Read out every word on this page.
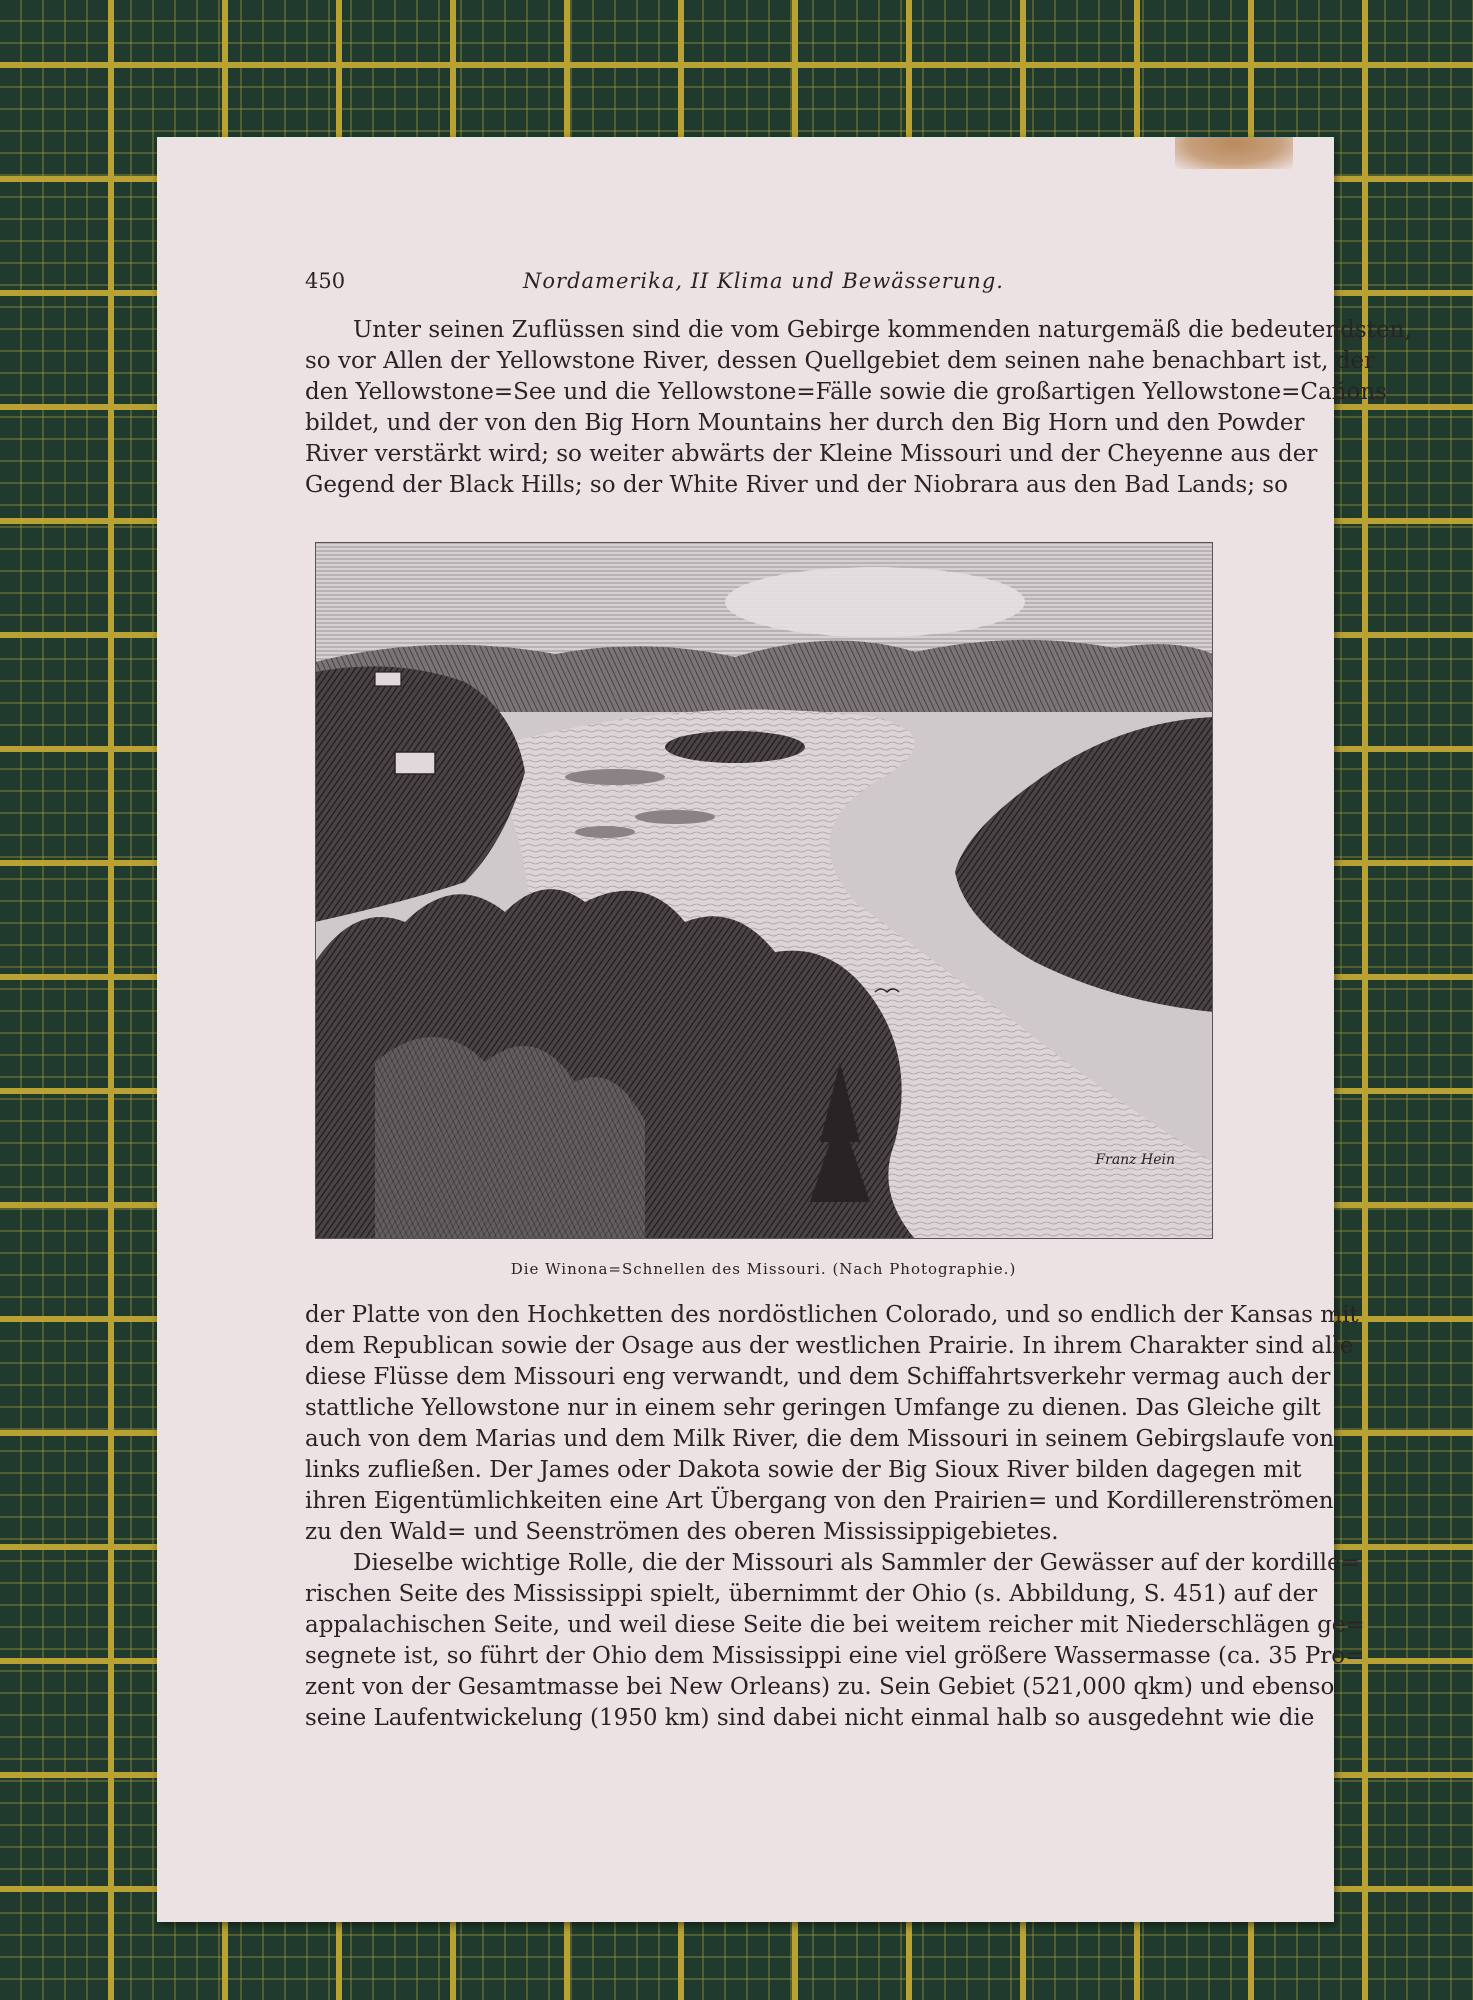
450	Nordamerika, II Klima und Bewässerung.
Unter seinen Zuflüssen sind die vom Gebirge kommenden naturgemäß die bedeutendsten,
so vor Allen der Yellowstone River, dessen Quellgebiet dem seinen nahe benachbart ist, der
den Yellowstone=See und die Yellowstone=Fälle sowie die großartigen Yellowstone=Cañons
bildet, und der von den Big Horn Mountains her durch den Big Horn und den Powder
River verstärkt wird; so weiter abwärts der Kleine Missouri und der Cheyenne aus der
Gegend der Black Hills; so der White River und der Niobrara aus den Bad Lands; so
Franz Hein
Die Winona=Schnellen des Missouri. (Nach Photographie.)
der Platte von den Hochketten des nordöstlichen Colorado, und so endlich der Kansas mit
dem Republican sowie der Osage aus der westlichen Prairie. In ihrem Charakter sind alle
diese Flüsse dem Missouri eng verwandt, und dem Schiffahrtsverkehr vermag auch der
stattliche Yellowstone nur in einem sehr geringen Umfange zu dienen. Das Gleiche gilt
auch von dem Marias und dem Milk River, die dem Missouri in seinem Gebirgslaufe von
links zufließen. Der James oder Dakota sowie der Big Sioux River bilden dagegen mit
ihren Eigentümlichkeiten eine Art Übergang von den Prairien= und Kordillerenströmen
zu den Wald= und Seenströmen des oberen Mississippigebietes.
Dieselbe wichtige Rolle, die der Missouri als Sammler der Gewässer auf der kordille=
rischen Seite des Mississippi spielt, übernimmt der Ohio (s. Abbildung, S. 451) auf der
appalachischen Seite, und weil diese Seite die bei weitem reicher mit Niederschlägen ge=
segnete ist, so führt der Ohio dem Mississippi eine viel größere Wassermasse (ca. 35 Pro=
zent von der Gesamtmasse bei New Orleans) zu. Sein Gebiet (521,000 qkm) und ebenso
seine Laufentwickelung (1950 km) sind dabei nicht einmal halb so ausgedehnt wie die
